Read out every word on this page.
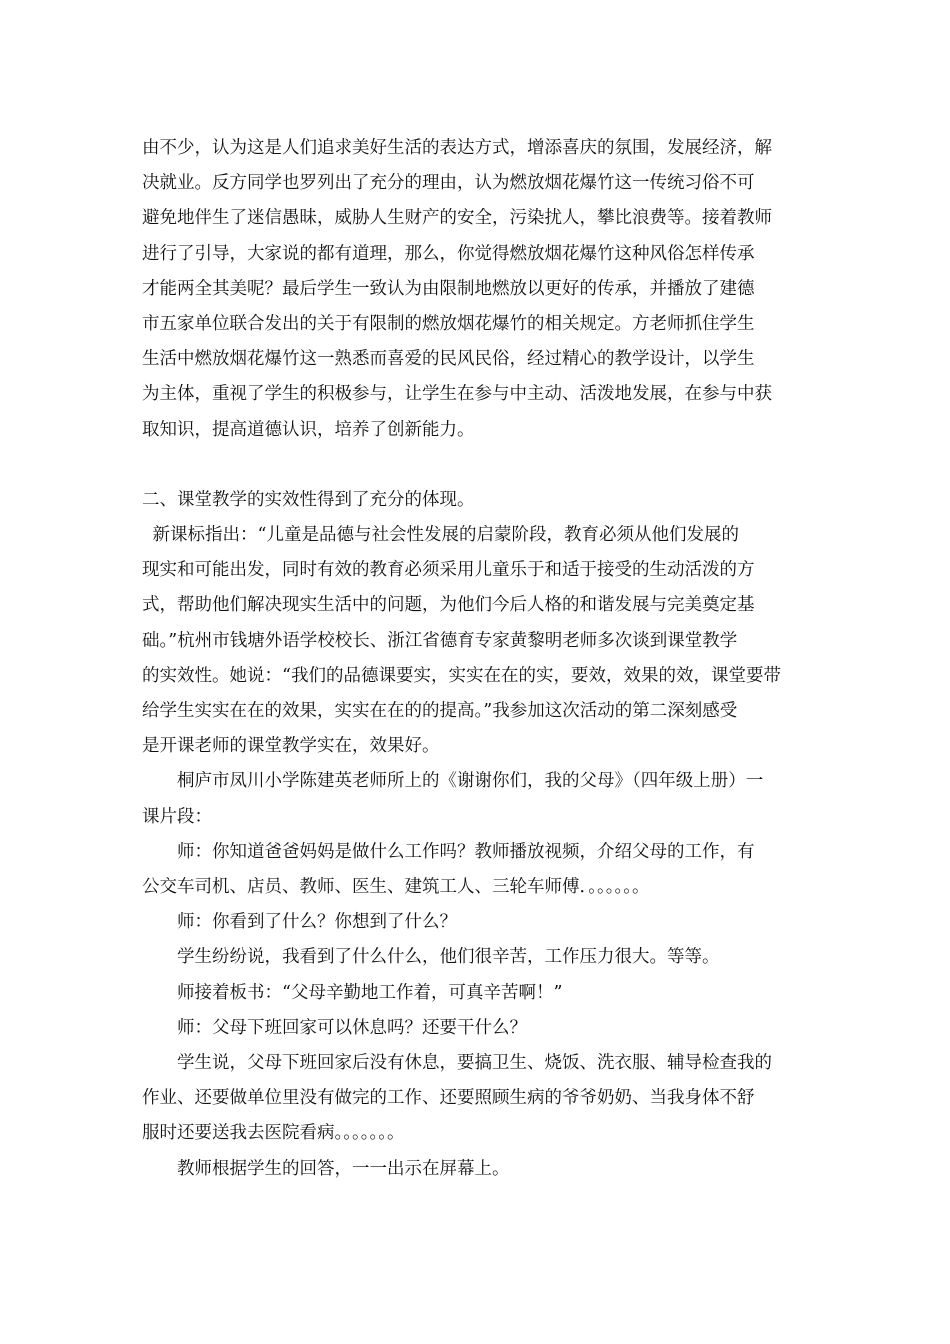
由不少，认为这是人们追求美好生活的表达方式，增添喜庆的氛围，发展经济，解
决就业。反方同学也罗列出了充分的理由，认为燃放烟花爆竹这一传统习俗不可
避免地伴生了迷信愚昧，威胁人生财产的安全，污染扰人，攀比浪费等。接着教师
进行了引导，大家说的都有道理，那么，你觉得燃放烟花爆竹这种风俗怎样传承
才能两全其美呢？最后学生一致认为由限制地燃放以更好的传承，并播放了建德
市五家单位联合发出的关于有限制的燃放烟花爆竹的相关规定。方老师抓住学生
生活中燃放烟花爆竹这一熟悉而喜爱的民风民俗，经过精心的教学设计，以学生
为主体，重视了学生的积极参与，让学生在参与中主动、活泼地发展，在参与中获
取知识，提高道德认识，培养了创新能力。
二、课堂教学的实效性得到了充分的体现。
新课标指出：“儿童是品德与社会性发展的启蒙阶段，教育必须从他们发展的
现实和可能出发，同时有效的教育必须采用儿童乐于和适于接受的生动活泼的方
式，帮助他们解决现实生活中的问题，为他们今后人格的和谐发展与完美奠定基
础。”杭州市钱塘外语学校校长、浙江省德育专家黄黎明老师多次谈到课堂教学
的实效性。她说：“我们的品德课要实，实实在在的实，要效，效果的效，课堂要带
给学生实实在在的效果，实实在在的的提高。”我参加这次活动的第二深刻感受
是开课老师的课堂教学实在，效果好。
桐庐市凤川小学陈建英老师所上的《谢谢你们，我的父母》（四年级上册）一
课片段：
师：你知道爸爸妈妈是做什么工作吗？教师播放视频，介绍父母的工作，有
公交车司机、店员、教师、医生、建筑工人、三轮车师傅．。。。。。。
师：你看到了什么？你想到了什么？
学生纷纷说，我看到了什么什么，他们很辛苦，工作压力很大。等等。
师接着板书：“父母辛勤地工作着，可真辛苦啊！”
师：父母下班回家可以休息吗？还要干什么？
学生说，父母下班回家后没有休息，要搞卫生、烧饭、洗衣服、辅导检查我的
作业、还要做单位里没有做完的工作、还要照顾生病的爷爷奶奶、当我身体不舒
服时还要送我去医院看病。。。。。。。
教师根据学生的回答，一一出示在屏幕上。
